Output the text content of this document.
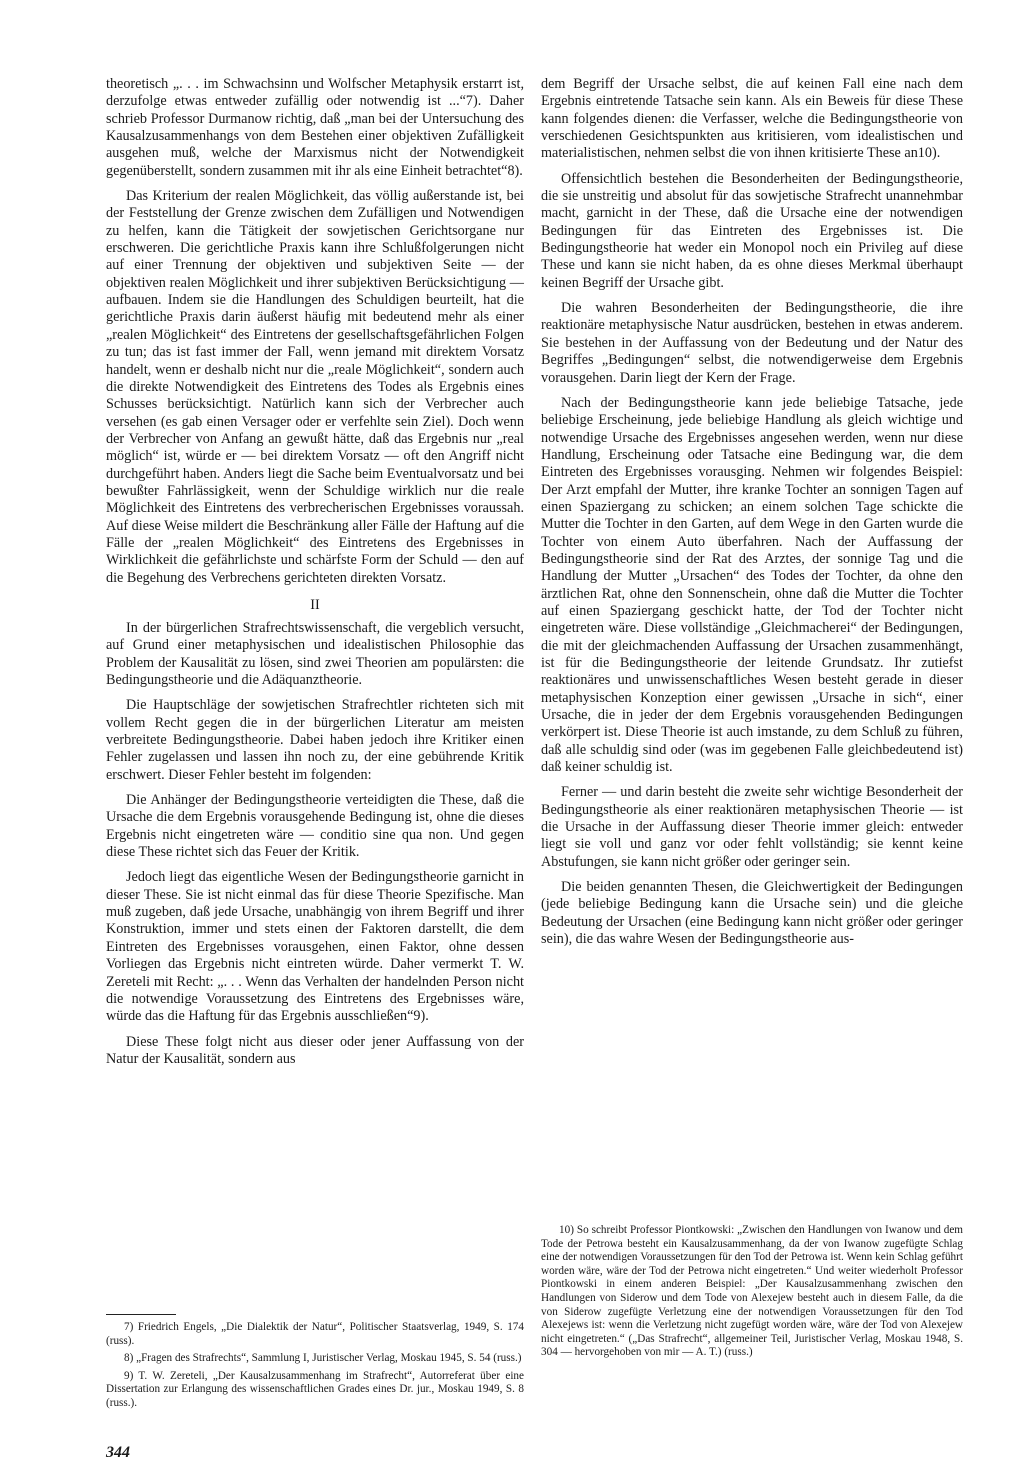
theoretisch „. . . im Schwachsinn und Wolfscher Metaphysik erstarrt ist, derzufolge etwas entweder zufällig oder notwendig ist ...“7). Daher schrieb Professor Durmanow richtig, daß „man bei der Untersuchung des Kausalzusammenhangs von dem Bestehen einer objektiven Zufälligkeit ausgehen muß, welche der Marxismus nicht der Notwendigkeit gegenüberstellt, sondern zusammen mit ihr als eine Einheit betrachtet“8).

Das Kriterium der realen Möglichkeit, das völlig außerstande ist, bei der Feststellung der Grenze zwischen dem Zufälligen und Notwendigen zu helfen, kann die Tätigkeit der sowjetischen Gerichtsorgane nur erschweren. Die gerichtliche Praxis kann ihre Schlußfolgerungen nicht auf einer Trennung der objektiven und subjektiven Seite — der objektiven realen Möglichkeit und ihrer subjektiven Berücksichtigung — aufbauen. Indem sie die Handlungen des Schuldigen beurteilt, hat die gerichtliche Praxis darin äußerst häufig mit bedeutend mehr als einer „realen Möglichkeit“ des Eintretens der gesellschaftsgefährlichen Folgen zu tun; das ist fast immer der Fall, wenn jemand mit direktem Vorsatz handelt, wenn er deshalb nicht nur die „reale Möglichkeit“, sondern auch die direkte Notwendigkeit des Eintretens des Todes als Ergebnis eines Schusses berücksichtigt. Natürlich kann sich der Verbrecher auch versehen (es gab einen Versager oder er verfehlte sein Ziel). Doch wenn der Verbrecher von Anfang an gewußt hätte, daß das Ergebnis nur „real möglich“ ist, würde er — bei direktem Vorsatz — oft den Angriff nicht durchgeführt haben. Anders liegt die Sache beim Eventualvorsatz und bei bewußter Fahrlässigkeit, wenn der Schuldige wirklich nur die reale Möglichkeit des Eintretens des verbrecherischen Ergebnisses voraussah. Auf diese Weise mildert die Beschränkung aller Fälle der Haftung auf die Fälle der „realen Möglichkeit“ des Eintretens des Ergebnisses in Wirklichkeit die gefährlichste und schärfste Form der Schuld — den auf die Begehung des Verbrechens gerichteten direkten Vorsatz.

II

In der bürgerlichen Strafrechtswissenschaft, die vergeblich versucht, auf Grund einer metaphysischen und idealistischen Philosophie das Problem der Kausalität zu lösen, sind zwei Theorien am populärsten: die Bedingungstheorie und die Adäquanztheorie.

Die Hauptschläge der sowjetischen Strafrechtler richteten sich mit vollem Recht gegen die in der bürgerlichen Literatur am meisten verbreitete Bedingungstheorie. Dabei haben jedoch ihre Kritiker einen Fehler zugelassen und lassen ihn noch zu, der eine gebührende Kritik erschwert. Dieser Fehler besteht im folgenden:

Die Anhänger der Bedingungstheorie verteidigten die These, daß die Ursache die dem Ergebnis vorausgehende Bedingung ist, ohne die dieses Ergebnis nicht eingetreten wäre — conditio sine qua non. Und gegen diese These richtet sich das Feuer der Kritik.

Jedoch liegt das eigentliche Wesen der Bedingungstheorie garnicht in dieser These. Sie ist nicht einmal das für diese Theorie Spezifische. Man muß zugeben, daß jede Ursache, unabhängig von ihrem Begriff und ihrer Konstruktion, immer und stets einen der Faktoren darstellt, die dem Eintreten des Ergebnisses vorausgehen, einen Faktor, ohne dessen Vorliegen das Ergebnis nicht eintreten würde. Daher vermerkt T. W. Zereteli mit Recht: „. . . Wenn das Verhalten der handelnden Person nicht die notwendige Voraussetzung des Eintretens des Ergebnisses wäre, würde das die Haftung für das Ergebnis ausschließen“9).

Diese These folgt nicht aus dieser oder jener Auffassung von der Natur der Kausalität, sondern aus

dem Begriff der Ursache selbst, die auf keinen Fall eine nach dem Ergebnis eintretende Tatsache sein kann. Als ein Beweis für diese These kann folgendes dienen: die Verfasser, welche die Bedingungstheorie von verschiedenen Gesichtspunkten aus kritisieren, vom idealistischen und materialistischen, nehmen selbst die von ihnen kritisierte These an10).

Offensichtlich bestehen die Besonderheiten der Bedingungstheorie, die sie unstreitig und absolut für das sowjetische Strafrecht unannehmbar macht, garnicht in der These, daß die Ursache eine der notwendigen Bedingungen für das Eintreten des Ergebnisses ist. Die Bedingungstheorie hat weder ein Monopol noch ein Privileg auf diese These und kann sie nicht haben, da es ohne dieses Merkmal überhaupt keinen Begriff der Ursache gibt.

Die wahren Besonderheiten der Bedingungstheorie, die ihre reaktionäre metaphysische Natur ausdrücken, bestehen in etwas anderem. Sie bestehen in der Auffassung von der Bedeutung und der Natur des Begriffes „Bedingungen“ selbst, die notwendigerweise dem Ergebnis vorausgehen. Darin liegt der Kern der Frage.

Nach der Bedingungstheorie kann jede beliebige Tatsache, jede beliebige Erscheinung, jede beliebige Handlung als gleich wichtige und notwendige Ursache des Ergebnisses angesehen werden, wenn nur diese Handlung, Erscheinung oder Tatsache eine Bedingung war, die dem Eintreten des Ergebnisses vorausging. Nehmen wir folgendes Beispiel: Der Arzt empfahl der Mutter, ihre kranke Tochter an sonnigen Tagen auf einen Spaziergang zu schicken; an einem solchen Tage schickte die Mutter die Tochter in den Garten, auf dem Wege in den Garten wurde die Tochter von einem Auto überfahren. Nach der Auffassung der Bedingungstheorie sind der Rat des Arztes, der sonnige Tag und die Handlung der Mutter „Ursachen“ des Todes der Tochter, da ohne den ärztlichen Rat, ohne den Sonnenschein, ohne daß die Mutter die Tochter auf einen Spaziergang geschickt hatte, der Tod der Tochter nicht eingetreten wäre. Diese vollständige „Gleichmacherei“ der Bedingungen, die mit der gleichmachenden Auffassung der Ursachen zusammenhängt, ist für die Bedingungstheorie der leitende Grundsatz. Ihr zutiefst reaktionäres und unwissenschaftliches Wesen besteht gerade in dieser metaphysischen Konzeption einer gewissen „Ursache in sich“, einer Ursache, die in jeder der dem Ergebnis vorausgehenden Bedingungen verkörpert ist. Diese Theorie ist auch imstande, zu dem Schluß zu führen, daß alle schuldig sind oder (was im gegebenen Falle gleichbedeutend ist) daß keiner schuldig ist.

Ferner — und darin besteht die zweite sehr wichtige Besonderheit der Bedingungstheorie als einer reaktionären metaphysischen Theorie — ist die Ursache in der Auffassung dieser Theorie immer gleich: entweder liegt sie voll und ganz vor oder fehlt vollständig; sie kennt keine Abstufungen, sie kann nicht größer oder geringer sein.

Die beiden genannten Thesen, die Gleichwertigkeit der Bedingungen (jede beliebige Bedingung kann die Ursache sein) und die gleiche Bedeutung der Ursachen (eine Bedingung kann nicht größer oder geringer sein), die das wahre Wesen der Bedingungstheorie aus-

7) Friedrich Engels, „Die Dialektik der Natur“, Politischer Staatsverlag, 1949, S. 174 (russ).

8) „Fragen des Strafrechts“, Sammlung I, Juristischer Verlag, Moskau 1945, S. 54 (russ.)

9) T. W. Zereteli, „Der Kausalzusammenhang im Strafrecht“, Autorreferat über eine Dissertation zur Erlangung des wissenschaftlichen Grades eines Dr. jur., Moskau 1949, S. 8 (russ.).

10) So schreibt Professor Piontkowski: „Zwischen den Handlungen von Iwanow und dem Tode der Petrowa besteht ein Kausalzusammenhang, da der von Iwanow zugefügte Schlag eine der notwendigen Voraussetzungen für den Tod der Petrowa ist. Wenn kein Schlag geführt worden wäre, wäre der Tod der Petrowa nicht eingetreten.“ Und weiter wiederholt Professor Piontkowski in einem anderen Beispiel: „Der Kausalzusammenhang zwischen den Handlungen von Siderow und dem Tode von Alexejew besteht auch in diesem Falle, da die von Siderow zugefügte Verletzung eine der notwendigen Voraussetzungen für den Tod Alexejews ist: wenn die Verletzung nicht zugefügt worden wäre, wäre der Tod von Alexejew nicht eingetreten.“ („Das Strafrecht“, allgemeiner Teil, Juristischer Verlag, Moskau 1948, S. 304 — hervorgehoben von mir — A. T.) (russ.)

344
